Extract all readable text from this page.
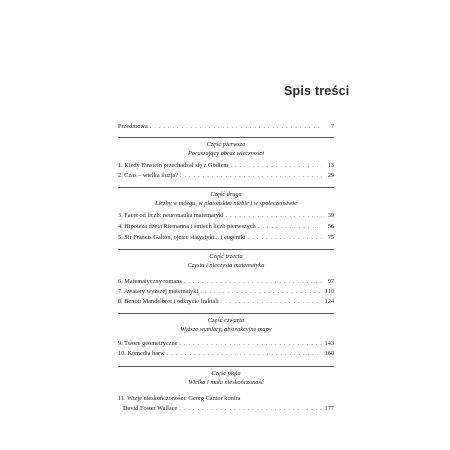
Spis treści
Przedmowa . . .	7
Część pierwsza
Poruszający obraz wieczności
1. Kiedy Einstein przechadzał się z Gödlem . . .	13
2. Czas – wielka iluzja? . . .	29
Część druga
Liczby w mózgu, w platońskim niebie i w społeczeństwie
3. Facet od liczb: neuronauka matematyki . . .	39
4. Hipoteza dzeta Riemanna i śmiech liczb pierwszych . . .	56
5. Sir Francis Galton, ojciec statystyki... i eugeniki . . .	75
Część trzecia
Czysta i nieczysta matematyka
6. Matematyczny romans . . .	97
7. Awatary wyższej matematyki . . .	110
8. Benoit Mandelbrot i odkrycie fraktali . . .	124
Część czwarta
Wyższe wymiary, abstrakcyjne mapy
9. Twory geometryczne . . .	143
10. Komedia barw . . .	160
Część piąta
Wielka i mała nieskończoność
11. Wizje nieskończoności: Georg Cantor kontra
David Foster Wallace . . .	177
